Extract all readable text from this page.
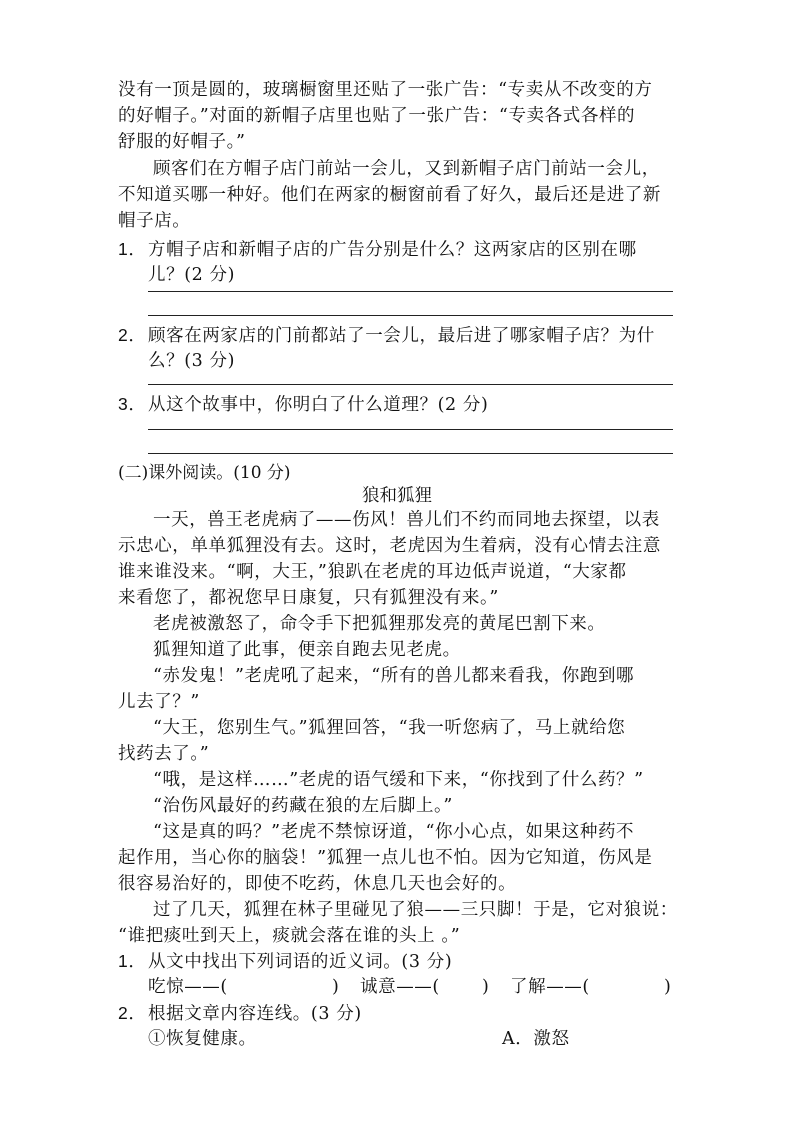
没有一顶是圆的，玻璃橱窗里还贴了一张广告：“专卖从不改变的方
的好帽子。”对面的新帽子店里也贴了一张广告：“专卖各式各样的
舒服的好帽子。”
顾客们在方帽子店门前站一会儿，又到新帽子店门前站一会儿，
不知道买哪一种好。他们在两家的橱窗前看了好久，最后还是进了新
帽子店。
1．方帽子店和新帽子店的广告分别是什么？这两家店的区别在哪
儿？(2 分)
2．顾客在两家店的门前都站了一会儿，最后进了哪家帽子店？为什
么？(3 分)
3．从这个故事中，你明白了什么道理？(2 分)
(二)课外阅读。(10 分)
狼和狐狸
一天，兽王老虎病了——伤风！兽儿们不约而同地去探望，以表
示忠心，单单狐狸没有去。这时，老虎因为生着病，没有心情去注意
谁来谁没来。“啊，大王，”狼趴在老虎的耳边低声说道，“大家都
来看您了，都祝您早日康复，只有狐狸没有来。”
老虎被激怒了，命令手下把狐狸那发亮的黄尾巴割下来。
狐狸知道了此事，便亲自跑去见老虎。
“赤发鬼！”老虎吼了起来，“所有的兽儿都来看我，你跑到哪
儿去了？”
“大王，您别生气。”狐狸回答，“我一听您病了，马上就给您
找药去了。”
“哦，是这样……”老虎的语气缓和下来，“你找到了什么药？”
“治伤风最好的药藏在狼的左后脚上。”
“这是真的吗？”老虎不禁惊讶道，“你小心点，如果这种药不
起作用，当心你的脑袋！”狐狸一点儿也不怕。因为它知道，伤风是
很容易治好的，即使不吃药，休息几天也会好的。
过了几天，狐狸在林子里碰见了狼——三只脚！于是，它对狼说：
“谁把痰吐到天上，痰就会落在谁的头上 。”
1．从文中找出下列词语的近义词。(3 分)
吃惊——(	) 诚意——( ) 了解——(	)
2．根据文章内容连线。(3 分)
①恢复健康。	A．激怒
